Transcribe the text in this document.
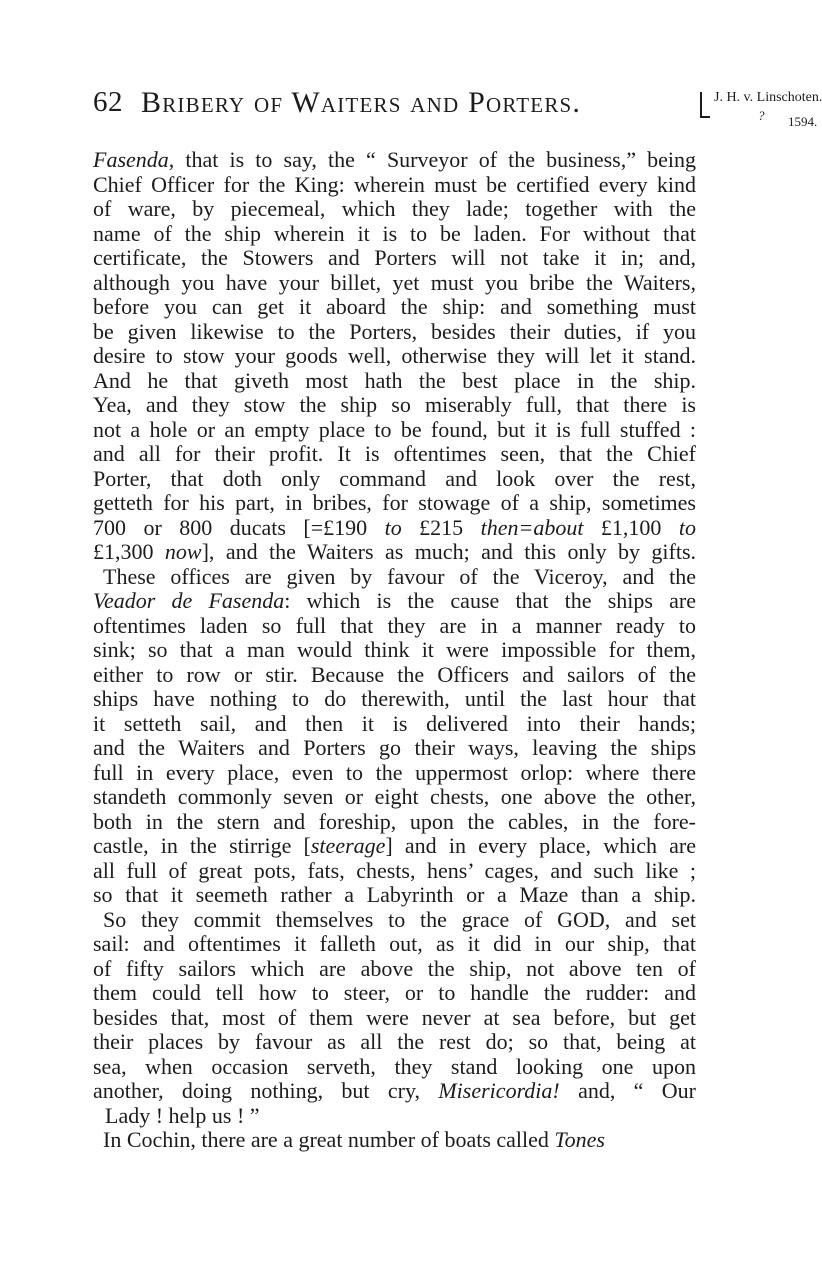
62 Bribery of Waiters and Porters.	J. H. v. Linschoten.
? 1594.
Fasenda, that is to say, the “ Surveyor of the business,” being
Chief Officer for the King: wherein must be certified every kind
of ware, by piecemeal, which they lade; together with the
name of the ship wherein it is to be laden. For without that
certificate, the Stowers and Porters will not take it in; and,
although you have your billet, yet must you bribe the Waiters,
before you can get it aboard the ship: and something must
be given likewise to the Porters, besides their duties, if you
desire to stow your goods well, otherwise they will let it stand.
And he that giveth most hath the best place in the ship.
Yea, and they stow the ship so miserably full, that there is
not a hole or an empty place to be found, but it is full stuffed :
and all for their profit. It is oftentimes seen, that the Chief
Porter, that doth only command and look over the rest,
getteth for his part, in bribes, for stowage of a ship, sometimes
700 or 800 ducats [=£190 to £215 then=about £1,100 to
£1,300 now], and the Waiters as much; and this only by gifts.
These offices are given by favour of the Viceroy, and the
Veador de Fasenda: which is the cause that the ships are
oftentimes laden so full that they are in a manner ready to
sink; so that a man would think it were impossible for them,
either to row or stir. Because the Officers and sailors of the
ships have nothing to do therewith, until the last hour that
it setteth sail, and then it is delivered into their hands;
and the Waiters and Porters go their ways, leaving the ships
full in every place, even to the uppermost orlop: where there
standeth commonly seven or eight chests, one above the other,
both in the stern and foreship, upon the cables, in the fore-
castle, in the stirrige [steerage] and in every place, which are
all full of great pots, fats, chests, hens’ cages, and such like ;
so that it seemeth rather a Labyrinth or a Maze than a ship.
So they commit themselves to the grace of GOD, and set
sail: and oftentimes it falleth out, as it did in our ship, that
of fifty sailors which are above the ship, not above ten of
them could tell how to steer, or to handle the rudder: and
besides that, most of them were never at sea before, but get
their places by favour as all the rest do; so that, being at
sea, when occasion serveth, they stand looking one upon
another, doing nothing, but cry, Misericordia! and, “ Our
Lady ! help us ! ”
In Cochin, there are a great number of boats called Tones
